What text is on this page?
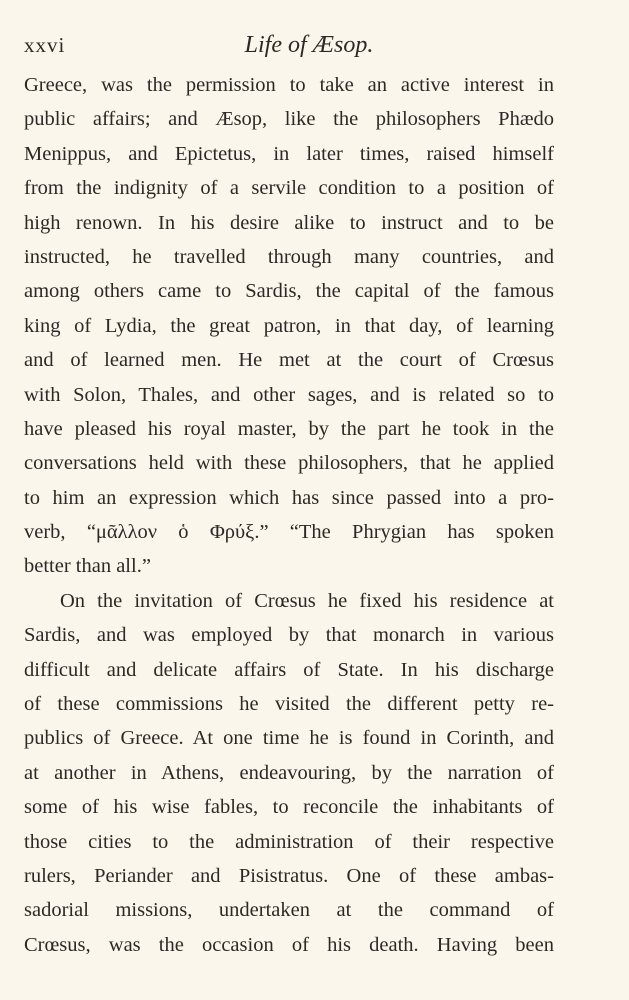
xxvi	Life of Æsop.
Greece, was the permission to take an active interest in
public affairs; and Æsop, like the philosophers Phædo
Menippus, and Epictetus, in later times, raised himself
from the indignity of a servile condition to a position of
high renown. In his desire alike to instruct and to be
instructed, he travelled through many countries, and
among others came to Sardis, the capital of the famous
king of Lydia, the great patron, in that day, of learning
and of learned men. He met at the court of Crœsus
with Solon, Thales, and other sages, and is related so to
have pleased his royal master, by the part he took in the
conversations held with these philosophers, that he applied
to him an expression which has since passed into a pro-
verb, “μᾶλλον ὁ Φρύξ.” “The Phrygian has spoken
better than all.”
On the invitation of Crœsus he fixed his residence at
Sardis, and was employed by that monarch in various
difficult and delicate affairs of State. In his discharge
of these commissions he visited the different petty re-
publics of Greece. At one time he is found in Corinth, and
at another in Athens, endeavouring, by the narration of
some of his wise fables, to reconcile the inhabitants of
those cities to the administration of their respective
rulers, Periander and Pisistratus. One of these ambas-
sadorial missions, undertaken at the command of
Crœsus, was the occasion of his death. Having been
